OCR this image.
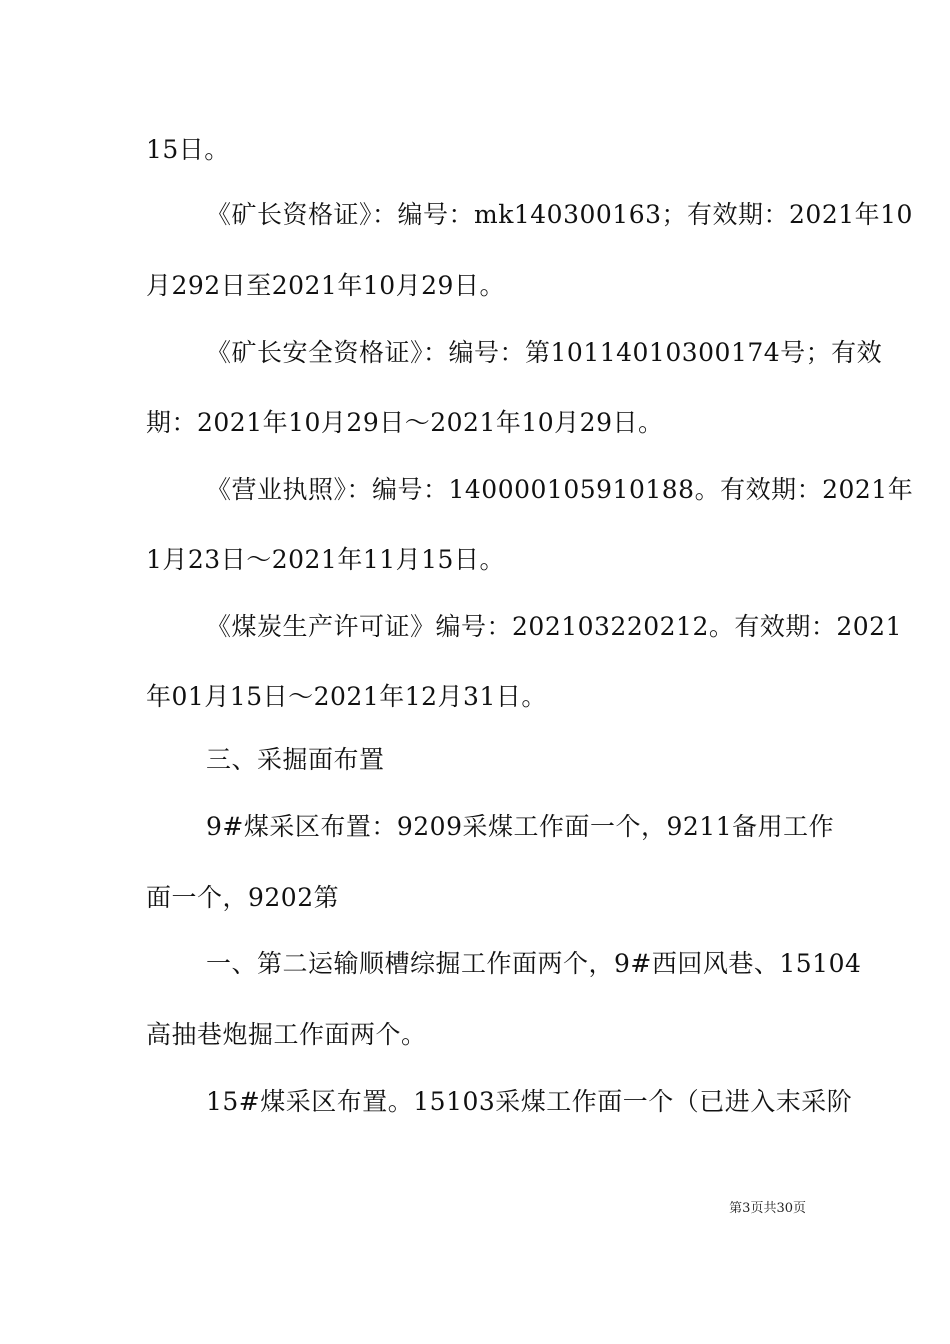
15日。
《矿长资格证》：编号：mk140300163；有效期：2021年10
月292日至2021年10月29日。
《矿长安全资格证》：编号：第10114010300174号；有效
期：2021年10月29日～2021年10月29日。
《营业执照》：编号：140000105910188。有效期：2021年
1月23日～2021年11月15日。
《煤炭生产许可证》编号：202103220212。有效期：2021
年01月15日～2021年12月31日。
三、采掘面布置
9#煤采区布置：9209采煤工作面一个，9211备用工作
面一个，9202第
一、第二运输顺槽综掘工作面两个，9#西回风巷、15104
高抽巷炮掘工作面两个。
15#煤采区布置。15103采煤工作面一个（已进入末采阶
第3页共30页
